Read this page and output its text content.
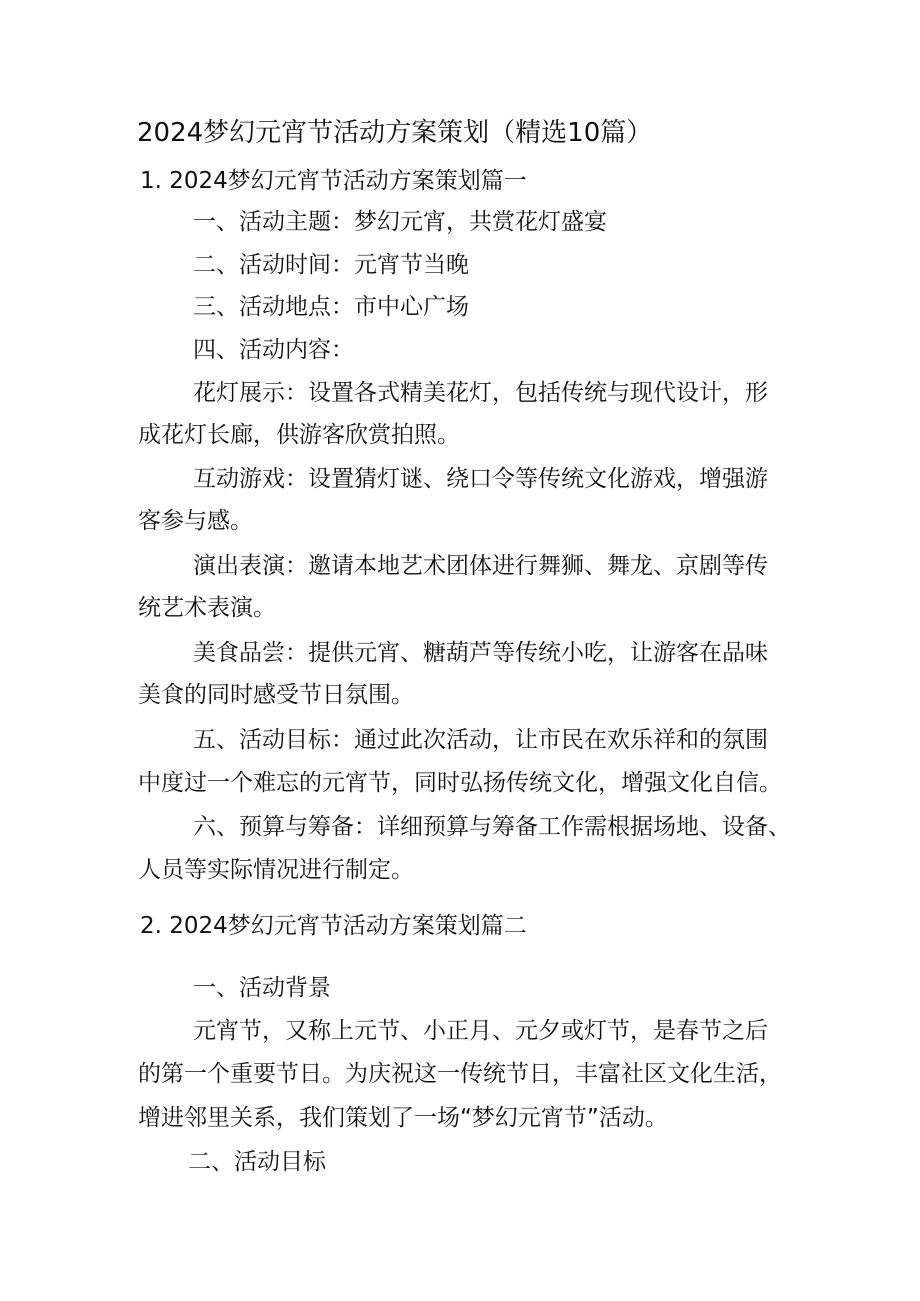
2024梦幻元宵节活动方案策划（精选10篇）
1. 2024梦幻元宵节活动方案策划篇一
一、活动主题：梦幻元宵，共赏花灯盛宴
二、活动时间：元宵节当晚
三、活动地点：市中心广场
四、活动内容：
花灯展示：设置各式精美花灯，包括传统与现代设计，形
成花灯长廊，供游客欣赏拍照。
互动游戏：设置猜灯谜、绕口令等传统文化游戏，增强游
客参与感。
演出表演：邀请本地艺术团体进行舞狮、舞龙、京剧等传
统艺术表演。
美食品尝：提供元宵、糖葫芦等传统小吃，让游客在品味
美食的同时感受节日氛围。
五、活动目标：通过此次活动，让市民在欢乐祥和的氛围
中度过一个难忘的元宵节，同时弘扬传统文化，增强文化自信。
六、预算与筹备：详细预算与筹备工作需根据场地、设备、
人员等实际情况进行制定。
2. 2024梦幻元宵节活动方案策划篇二
一、活动背景
元宵节，又称上元节、小正月、元夕或灯节，是春节之后
的第一个重要节日。为庆祝这一传统节日，丰富社区文化生活，
增进邻里关系，我们策划了一场“梦幻元宵节”活动。
二、活动目标
